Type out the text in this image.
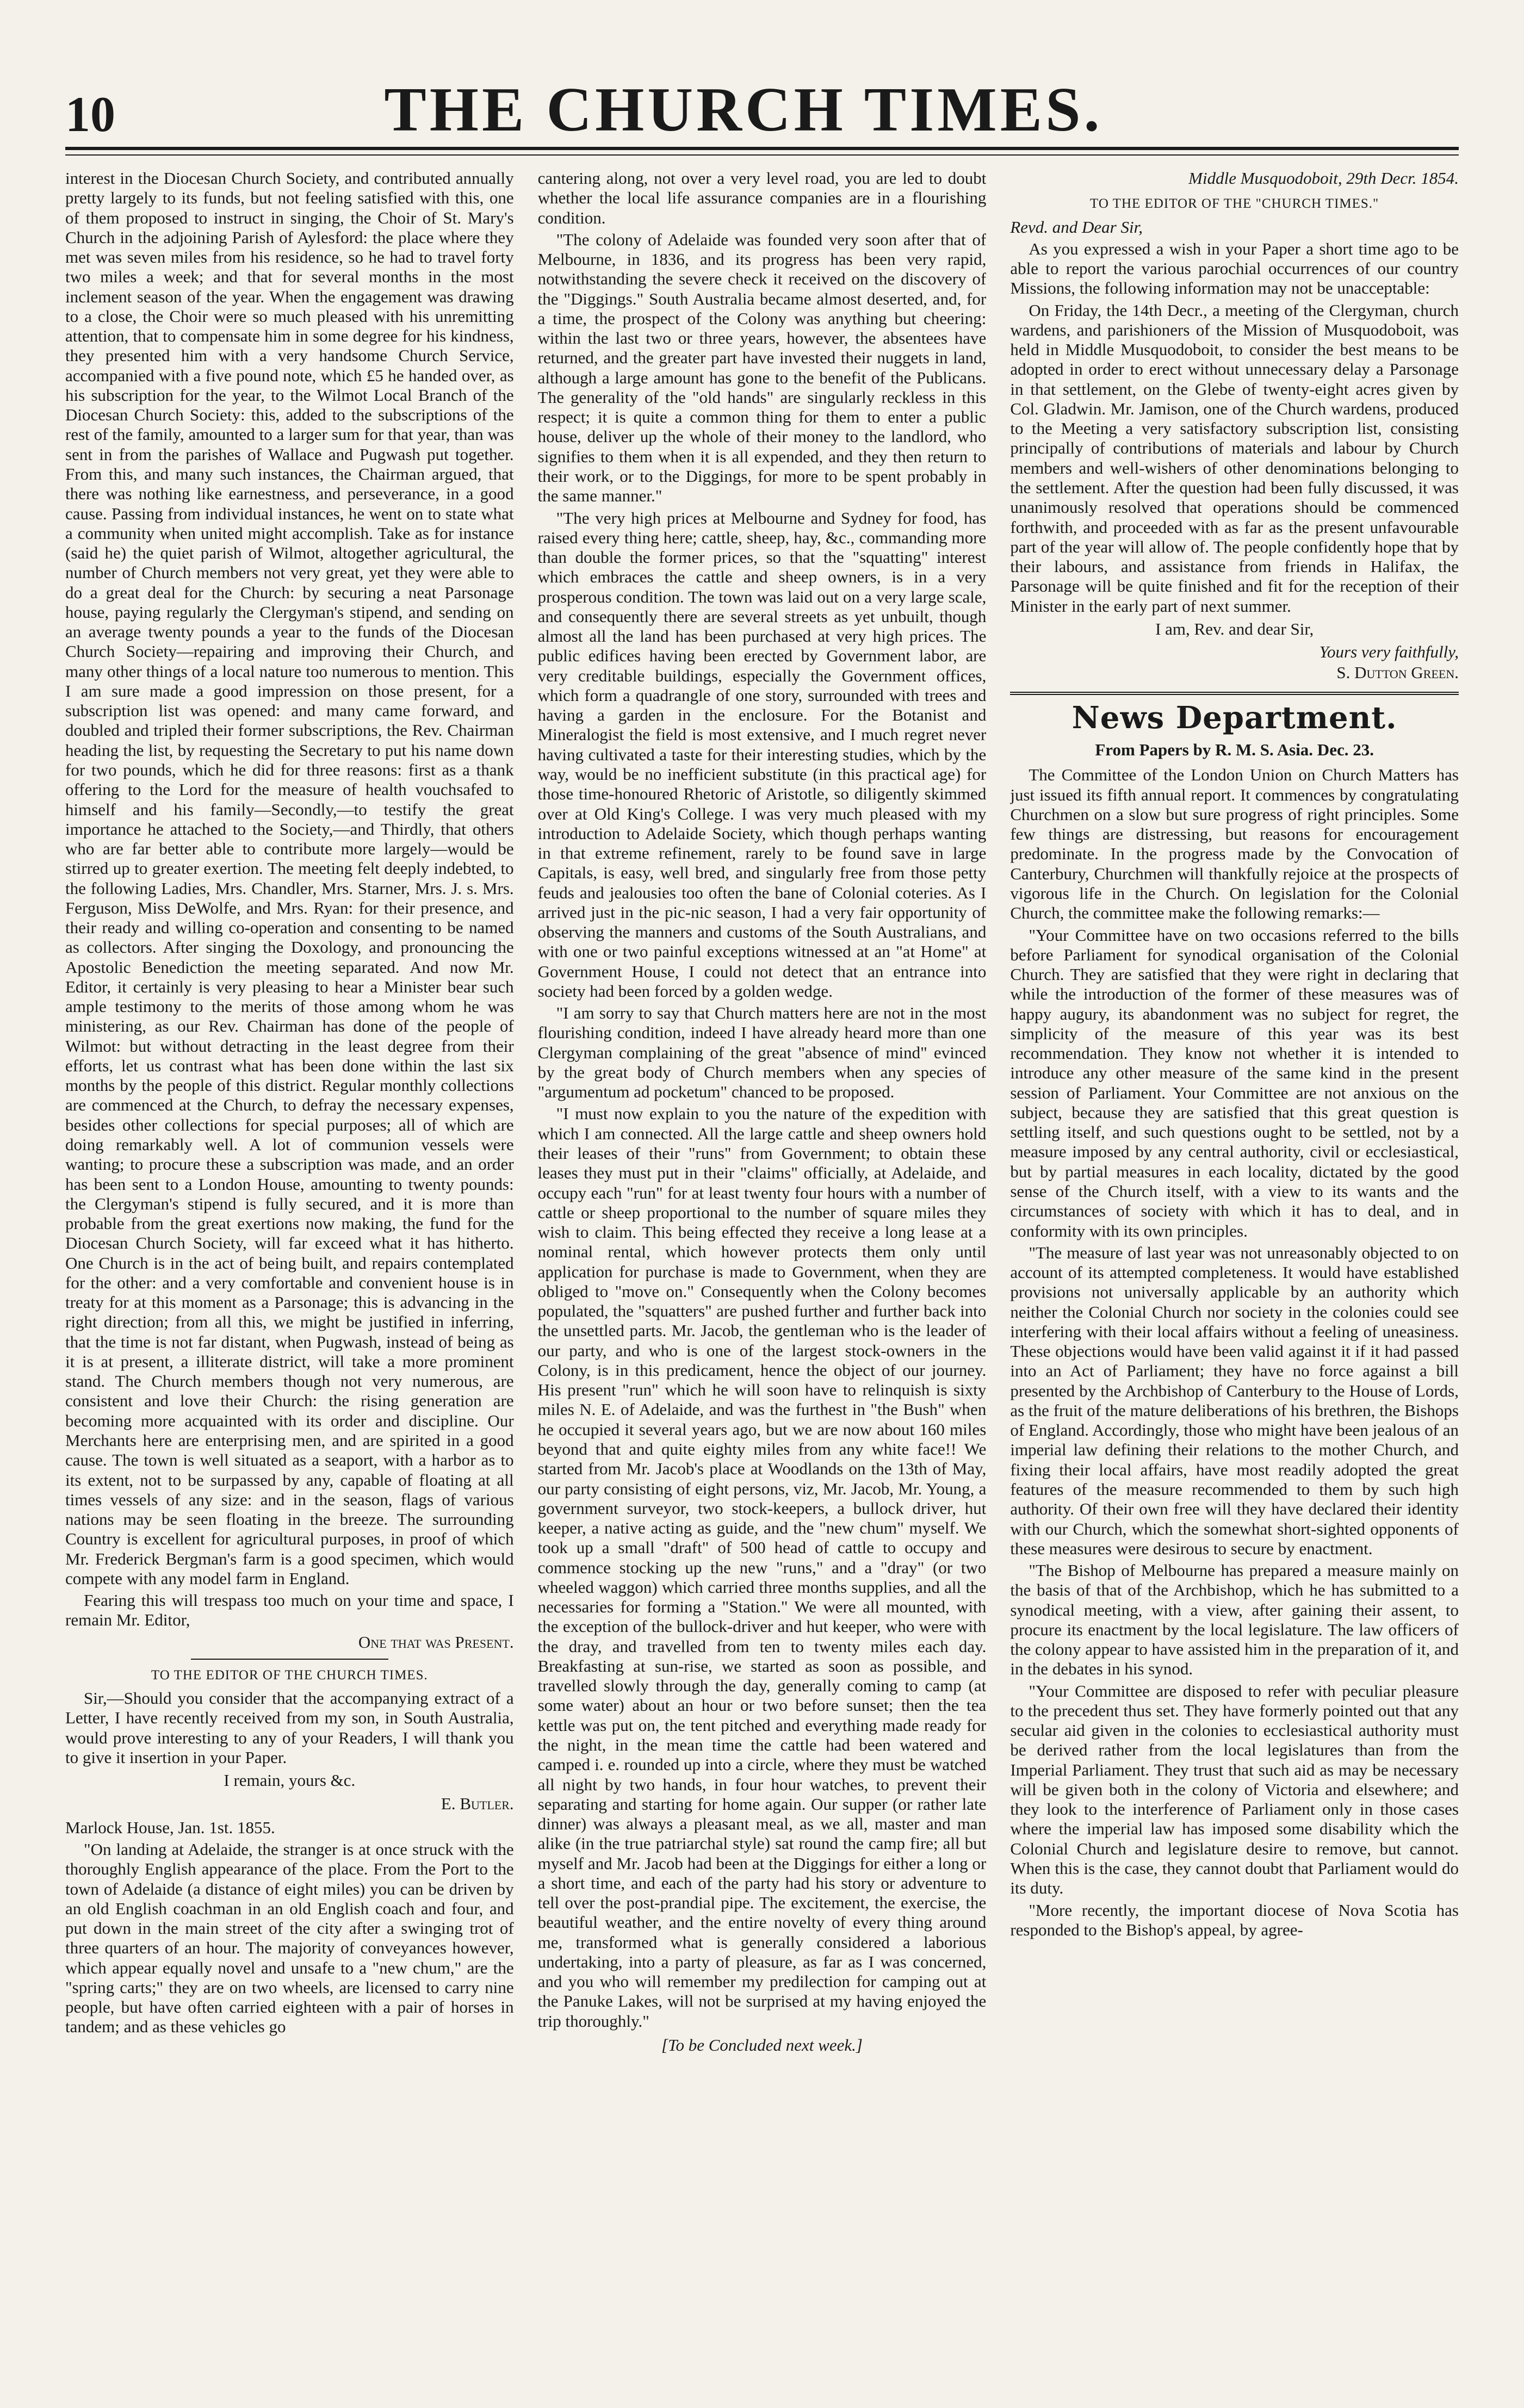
10	THE CHURCH TIMES.

interest in the Diocesan Church Society, and contributed annually pretty largely to its funds, but not feeling satisfied with this, one of them proposed to instruct in singing, the Choir of St. Mary's Church in the adjoining Parish of Aylesford: the place where they met was seven miles from his residence, so he had to travel forty two miles a week; and that for several months in the most inclement season of the year. When the engagement was drawing to a close, the Choir were so much pleased with his unremitting attention, that to compensate him in some degree for his kindness, they presented him with a very handsome Church Service, accompanied with a five pound note, which £5 he handed over, as his subscription for the year, to the Wilmot Local Branch of the Diocesan Church Society: this, added to the subscriptions of the rest of the family, amounted to a larger sum for that year, than was sent in from the parishes of Wallace and Pugwash put together. From this, and many such instances, the Chairman argued, that there was nothing like earnestness, and perseverance, in a good cause. Passing from individual instances, he went on to state what a community when united might accomplish. Take as for instance (said he) the quiet parish of Wilmot, altogether agricultural, the number of Church members not very great, yet they were able to do a great deal for the Church: by securing a neat Parsonage house, paying regularly the Clergyman's stipend, and sending on an average twenty pounds a year to the funds of the Diocesan Church Society—repairing and improving their Church, and many other things of a local nature too numerous to mention. This I am sure made a good impression on those present, for a subscription list was opened: and many came forward, and doubled and tripled their former subscriptions, the Rev. Chairman heading the list, by requesting the Secretary to put his name down for two pounds, which he did for three reasons: first as a thank offering to the Lord for the measure of health vouchsafed to himself and his family—Secondly,—to testify the great importance he attached to the Society,—and Thirdly, that others who are far better able to contribute more largely—would be stirred up to greater exertion. The meeting felt deeply indebted, to the following Ladies, Mrs. Chandler, Mrs. Starner, Mrs. J. s. Mrs. Ferguson, Miss DeWolfe, and Mrs. Ryan: for their presence, and their ready and willing co-operation and consenting to be named as collectors. After singing the Doxology, and pronouncing the Apostolic Benediction the meeting separated. And now Mr. Editor, it certainly is very pleasing to hear a Minister bear such ample testimony to the merits of those among whom he was ministering, as our Rev. Chairman has done of the people of Wilmot: but without detracting in the least degree from their efforts, let us contrast what has been done within the last six months by the people of this district. Regular monthly collections are commenced at the Church, to defray the necessary expenses, besides other collections for special purposes; all of which are doing remarkably well. A lot of communion vessels were wanting; to procure these a subscription was made, and an order has been sent to a London House, amounting to twenty pounds: the Clergyman's stipend is fully secured, and it is more than probable from the great exertions now making, the fund for the Diocesan Church Society, will far exceed what it has hitherto. One Church is in the act of being built, and repairs contemplated for the other: and a very comfortable and convenient house is in treaty for at this moment as a Parsonage; this is advancing in the right direction; from all this, we might be justified in inferring, that the time is not far distant, when Pugwash, instead of being as it is at present, a illiterate district, will take a more prominent stand. The Church members though not very numerous, are consistent and love their Church: the rising generation are becoming more acquainted with its order and discipline. Our Merchants here are enterprising men, and are spirited in a good cause. The town is well situated as a seaport, with a harbor as to its extent, not to be surpassed by any, capable of floating at all times vessels of any size: and in the season, flags of various nations may be seen floating in the breeze. The surrounding Country is excellent for agricultural purposes, in proof of which Mr. Frederick Bergman's farm is a good specimen, which would compete with any model farm in England.

Fearing this will trespass too much on your time and space, I remain Mr. Editor,

One that was Present.
TO THE EDITOR OF THE CHURCH TIMES.

Sir,—Should you consider that the accompanying extract of a Letter, I have recently received from my son, in South Australia, would prove interesting to any of your Readers, I will thank you to give it insertion in your Paper.

I remain, yours &c.
E. Butler.

Marlock House, Jan. 1st. 1855.

"On landing at Adelaide, the stranger is at once struck with the thoroughly English appearance of the place. From the Port to the town of Adelaide (a distance of eight miles) you can be driven by an old English coachman in an old English coach and four, and put down in the main street of the city after a swinging trot of three quarters of an hour. The majority of conveyances however, which appear equally novel and unsafe to a "new chum," are the "spring carts;" they are on two wheels, are licensed to carry nine people, but have often carried eighteen with a pair of horses in tandem; and as these vehicles go

cantering along, not over a very level road, you are led to doubt whether the local life assurance companies are in a flourishing condition.

"The colony of Adelaide was founded very soon after that of Melbourne, in 1836, and its progress has been very rapid, notwithstanding the severe check it received on the discovery of the "Diggings." South Australia became almost deserted, and, for a time, the prospect of the Colony was anything but cheering: within the last two or three years, however, the absentees have returned, and the greater part have invested their nuggets in land, although a large amount has gone to the benefit of the Publicans. The generality of the "old hands" are singularly reckless in this respect; it is quite a common thing for them to enter a public house, deliver up the whole of their money to the landlord, who signifies to them when it is all expended, and they then return to their work, or to the Diggings, for more to be spent probably in the same manner."

"The very high prices at Melbourne and Sydney for food, has raised every thing here; cattle, sheep, hay, &c., commanding more than double the former prices, so that the "squatting" interest which embraces the cattle and sheep owners, is in a very prosperous condition. The town was laid out on a very large scale, and consequently there are several streets as yet unbuilt, though almost all the land has been purchased at very high prices. The public edifices having been erected by Government labor, are very creditable buildings, especially the Government offices, which form a quadrangle of one story, surrounded with trees and having a garden in the enclosure. For the Botanist and Mineralogist the field is most extensive, and I much regret never having cultivated a taste for their interesting studies, which by the way, would be no inefficient substitute (in this practical age) for those time-honoured Rhetoric of Aristotle, so diligently skimmed over at Old King's College. I was very much pleased with my introduction to Adelaide Society, which though perhaps wanting in that extreme refinement, rarely to be found save in large Capitals, is easy, well bred, and singularly free from those petty feuds and jealousies too often the bane of Colonial coteries. As I arrived just in the pic-nic season, I had a very fair opportunity of observing the manners and customs of the South Australians, and with one or two painful exceptions witnessed at an "at Home" at Government House, I could not detect that an entrance into society had been forced by a golden wedge.

"I am sorry to say that Church matters here are not in the most flourishing condition, indeed I have already heard more than one Clergyman complaining of the great "absence of mind" evinced by the great body of Church members when any species of "argumentum ad pocketum" chanced to be proposed.

"I must now explain to you the nature of the expedition with which I am connected. All the large cattle and sheep owners hold their leases of their "runs" from Government; to obtain these leases they must put in their "claims" officially, at Adelaide, and occupy each "run" for at least twenty four hours with a number of cattle or sheep proportional to the number of square miles they wish to claim. This being effected they receive a long lease at a nominal rental, which however protects them only until application for purchase is made to Government, when they are obliged to "move on." Consequently when the Colony becomes populated, the "squatters" are pushed further and further back into the unsettled parts. Mr. Jacob, the gentleman who is the leader of our party, and who is one of the largest stock-owners in the Colony, is in this predicament, hence the object of our journey. His present "run" which he will soon have to relinquish is sixty miles N. E. of Adelaide, and was the furthest in "the Bush" when he occupied it several years ago, but we are now about 160 miles beyond that and quite eighty miles from any white face!! We started from Mr. Jacob's place at Woodlands on the 13th of May, our party consisting of eight persons, viz, Mr. Jacob, Mr. Young, a government surveyor, two stock-keepers, a bullock driver, hut keeper, a native acting as guide, and the "new chum" myself. We took up a small "draft" of 500 head of cattle to occupy and commence stocking up the new "runs," and a "dray" (or two wheeled waggon) which carried three months supplies, and all the necessaries for forming a "Station." We were all mounted, with the exception of the bullock-driver and hut keeper, who were with the dray, and travelled from ten to twenty miles each day. Breakfasting at sun-rise, we started as soon as possible, and travelled slowly through the day, generally coming to camp (at some water) about an hour or two before sunset; then the tea kettle was put on, the tent pitched and everything made ready for the night, in the mean time the cattle had been watered and camped i. e. rounded up into a circle, where they must be watched all night by two hands, in four hour watches, to prevent their separating and starting for home again. Our supper (or rather late dinner) was always a pleasant meal, as we all, master and man alike (in the true patriarchal style) sat round the camp fire; all but myself and Mr. Jacob had been at the Diggings for either a long or a short time, and each of the party had his story or adventure to tell over the post-prandial pipe. The excitement, the exercise, the beautiful weather, and the entire novelty of every thing around me, transformed what is generally considered a laborious undertaking, into a party of pleasure, as far as I was concerned, and you who will remember my predilection for camping out at the Panuke Lakes, will not be surprised at my having enjoyed the trip thoroughly."

[To be Concluded next week.]
Middle Musquodoboit, 29th Decr. 1854.
TO THE EDITOR OF THE "CHURCH TIMES."

Revd. and Dear Sir,

As you expressed a wish in your Paper a short time ago to be able to report the various parochial occurrences of our country Missions, the following information may not be unacceptable:

On Friday, the 14th Decr., a meeting of the Clergyman, church wardens, and parishioners of the Mission of Musquodoboit, was held in Middle Musquodoboit, to consider the best means to be adopted in order to erect without unnecessary delay a Parsonage in that settlement, on the Glebe of twenty-eight acres given by Col. Gladwin. Mr. Jamison, one of the Church wardens, produced to the Meeting a very satisfactory subscription list, consisting principally of contributions of materials and labour by Church members and well-wishers of other denominations belonging to the settlement. After the question had been fully discussed, it was unanimously resolved that operations should be commenced forthwith, and proceeded with as far as the present unfavourable part of the year will allow of. The people confidently hope that by their labours, and assistance from friends in Halifax, the Parsonage will be quite finished and fit for the reception of their Minister in the early part of next summer.

I am, Rev. and dear Sir,
Yours very faithfully,
S. Dutton Green.
News Department.
From Papers by R. M. S. Asia. Dec. 23.

The Committee of the London Union on Church Matters has just issued its fifth annual report. It commences by congratulating Churchmen on a slow but sure progress of right principles. Some few things are distressing, but reasons for encouragement predominate. In the progress made by the Convocation of Canterbury, Churchmen will thankfully rejoice at the prospects of vigorous life in the Church. On legislation for the Colonial Church, the committee make the following remarks:—

"Your Committee have on two occasions referred to the bills before Parliament for synodical organisation of the Colonial Church. They are satisfied that they were right in declaring that while the introduction of the former of these measures was of happy augury, its abandonment was no subject for regret, the simplicity of the measure of this year was its best recommendation. They know not whether it is intended to introduce any other measure of the same kind in the present session of Parliament. Your Committee are not anxious on the subject, because they are satisfied that this great question is settling itself, and such questions ought to be settled, not by a measure imposed by any central authority, civil or ecclesiastical, but by partial measures in each locality, dictated by the good sense of the Church itself, with a view to its wants and the circumstances of society with which it has to deal, and in conformity with its own principles.

"The measure of last year was not unreasonably objected to on account of its attempted completeness. It would have established provisions not universally applicable by an authority which neither the Colonial Church nor society in the colonies could see interfering with their local affairs without a feeling of uneasiness. These objections would have been valid against it if it had passed into an Act of Parliament; they have no force against a bill presented by the Archbishop of Canterbury to the House of Lords, as the fruit of the mature deliberations of his brethren, the Bishops of England. Accordingly, those who might have been jealous of an imperial law defining their relations to the mother Church, and fixing their local affairs, have most readily adopted the great features of the measure recommended to them by such high authority. Of their own free will they have declared their identity with our Church, which the somewhat short-sighted opponents of these measures were desirous to secure by enactment.

"The Bishop of Melbourne has prepared a measure mainly on the basis of that of the Archbishop, which he has submitted to a synodical meeting, with a view, after gaining their assent, to procure its enactment by the local legislature. The law officers of the colony appear to have assisted him in the preparation of it, and in the debates in his synod.

"Your Committee are disposed to refer with peculiar pleasure to the precedent thus set. They have formerly pointed out that any secular aid given in the colonies to ecclesiastical authority must be derived rather from the local legislatures than from the Imperial Parliament. They trust that such aid as may be necessary will be given both in the colony of Victoria and elsewhere; and they look to the interference of Parliament only in those cases where the imperial law has imposed some disability which the Colonial Church and legislature desire to remove, but cannot. When this is the case, they cannot doubt that Parliament would do its duty.

"More recently, the important diocese of Nova Scotia has responded to the Bishop's appeal, by agree-
